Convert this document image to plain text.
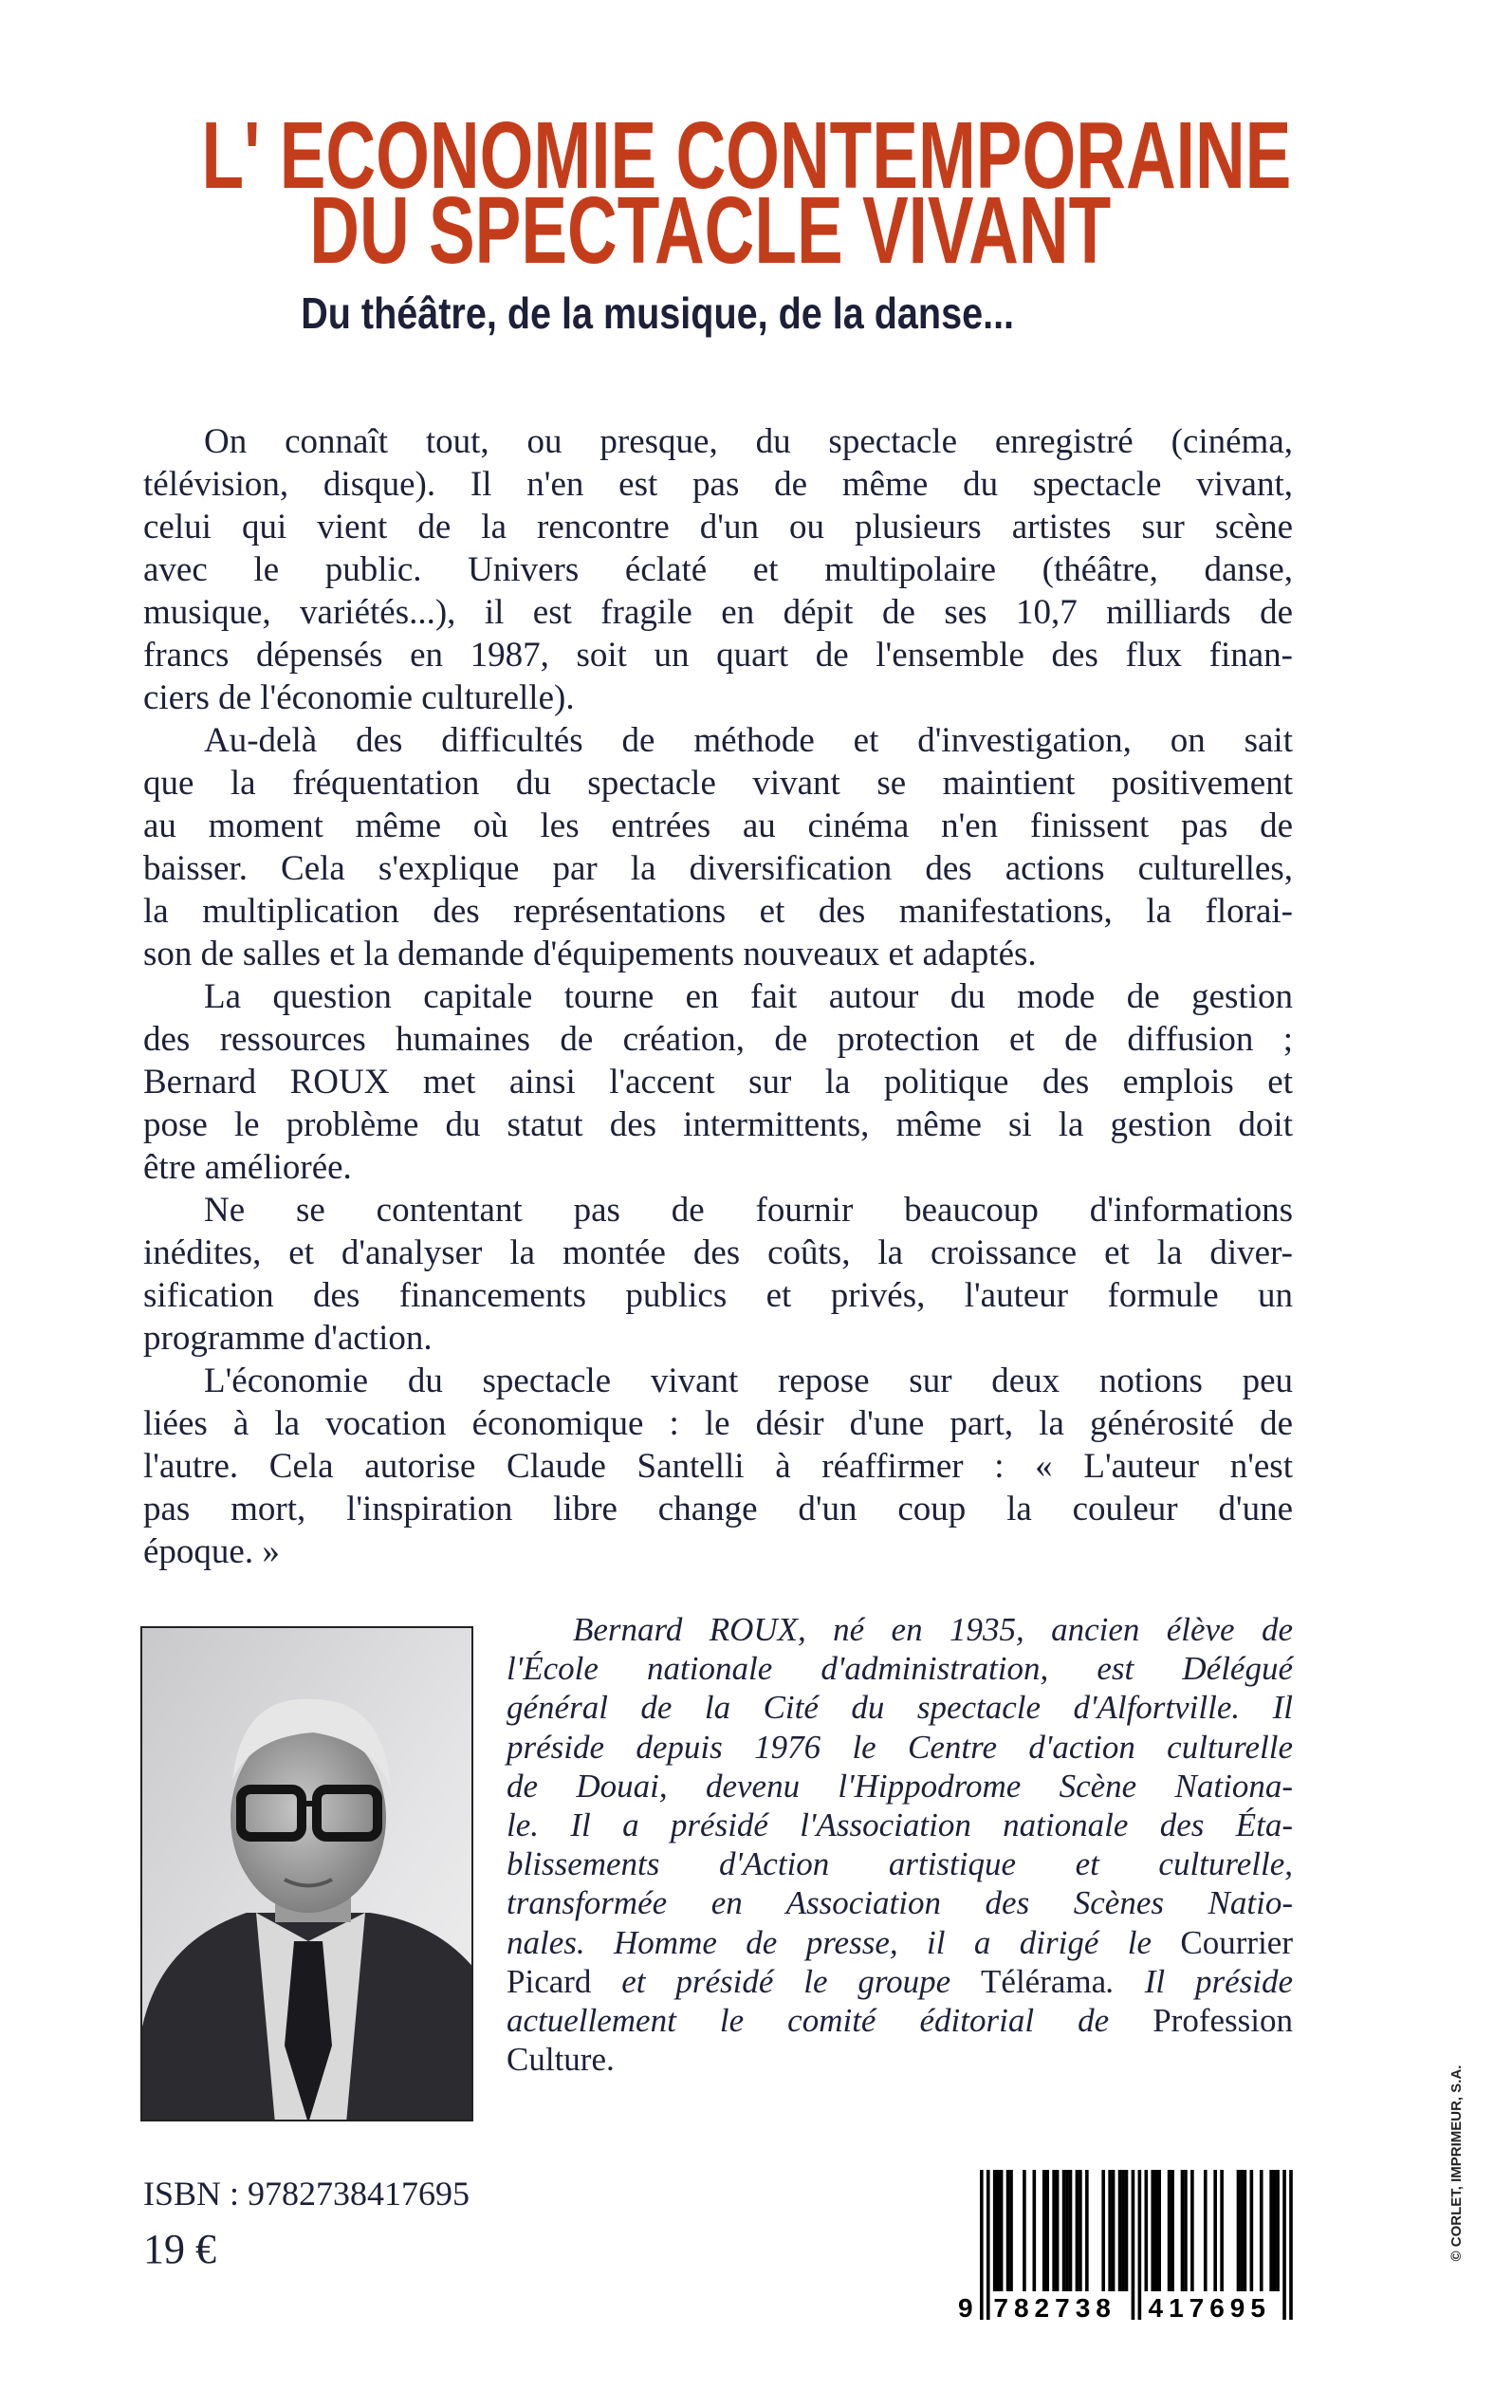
L' ECONOMIE CONTEMPORAINE
DU SPECTACLE VIVANT
Du théâtre, de la musique, de la danse...
On connaît tout, ou presque, du spectacle enregistré (cinéma,
télévision, disque). Il n'en est pas de même du spectacle vivant,
celui qui vient de la rencontre d'un ou plusieurs artistes sur scène
avec le public. Univers éclaté et multipolaire (théâtre, danse,
musique, variétés...), il est fragile en dépit de ses 10,7 milliards de
francs dépensés en 1987, soit un quart de l'ensemble des flux finan-
ciers de l'économie culturelle).
Au-delà des difficultés de méthode et d'investigation, on sait
que la fréquentation du spectacle vivant se maintient positivement
au moment même où les entrées au cinéma n'en finissent pas de
baisser. Cela s'explique par la diversification des actions culturelles,
la multiplication des représentations et des manifestations, la florai-
son de salles et la demande d'équipements nouveaux et adaptés.
La question capitale tourne en fait autour du mode de gestion
des ressources humaines de création, de protection et de diffusion ;
Bernard ROUX met ainsi l'accent sur la politique des emplois et
pose le problème du statut des intermittents, même si la gestion doit
être améliorée.
Ne se contentant pas de fournir beaucoup d'informations
inédites, et d'analyser la montée des coûts, la croissance et la diver-
sification des financements publics et privés, l'auteur formule un
programme d'action.
L'économie du spectacle vivant repose sur deux notions peu
liées à la vocation économique : le désir d'une part, la générosité de
l'autre. Cela autorise Claude Santelli à réaffirmer : « L'auteur n'est
pas mort, l'inspiration libre change d'un coup la couleur d'une
époque. »
Bernard ROUX, né en 1935, ancien élève de
l'École nationale d'administration, est Délégué
général de la Cité du spectacle d'Alfortville. Il
préside depuis 1976 le Centre d'action culturelle
de Douai, devenu l'Hippodrome Scène Nationa-
le. Il a présidé l'Association nationale des Éta-
blissements d'Action artistique et culturelle,
transformée en Association des Scènes Natio-
nales. Homme de presse, il a dirigé le Courrier
Picard et présidé le groupe Télérama. Il préside
actuellement le comité éditorial de Profession
Culture.
ISBN : 9782738417695
19 €
9 782738 417695
© CORLET, IMPRIMEUR, S.A.
